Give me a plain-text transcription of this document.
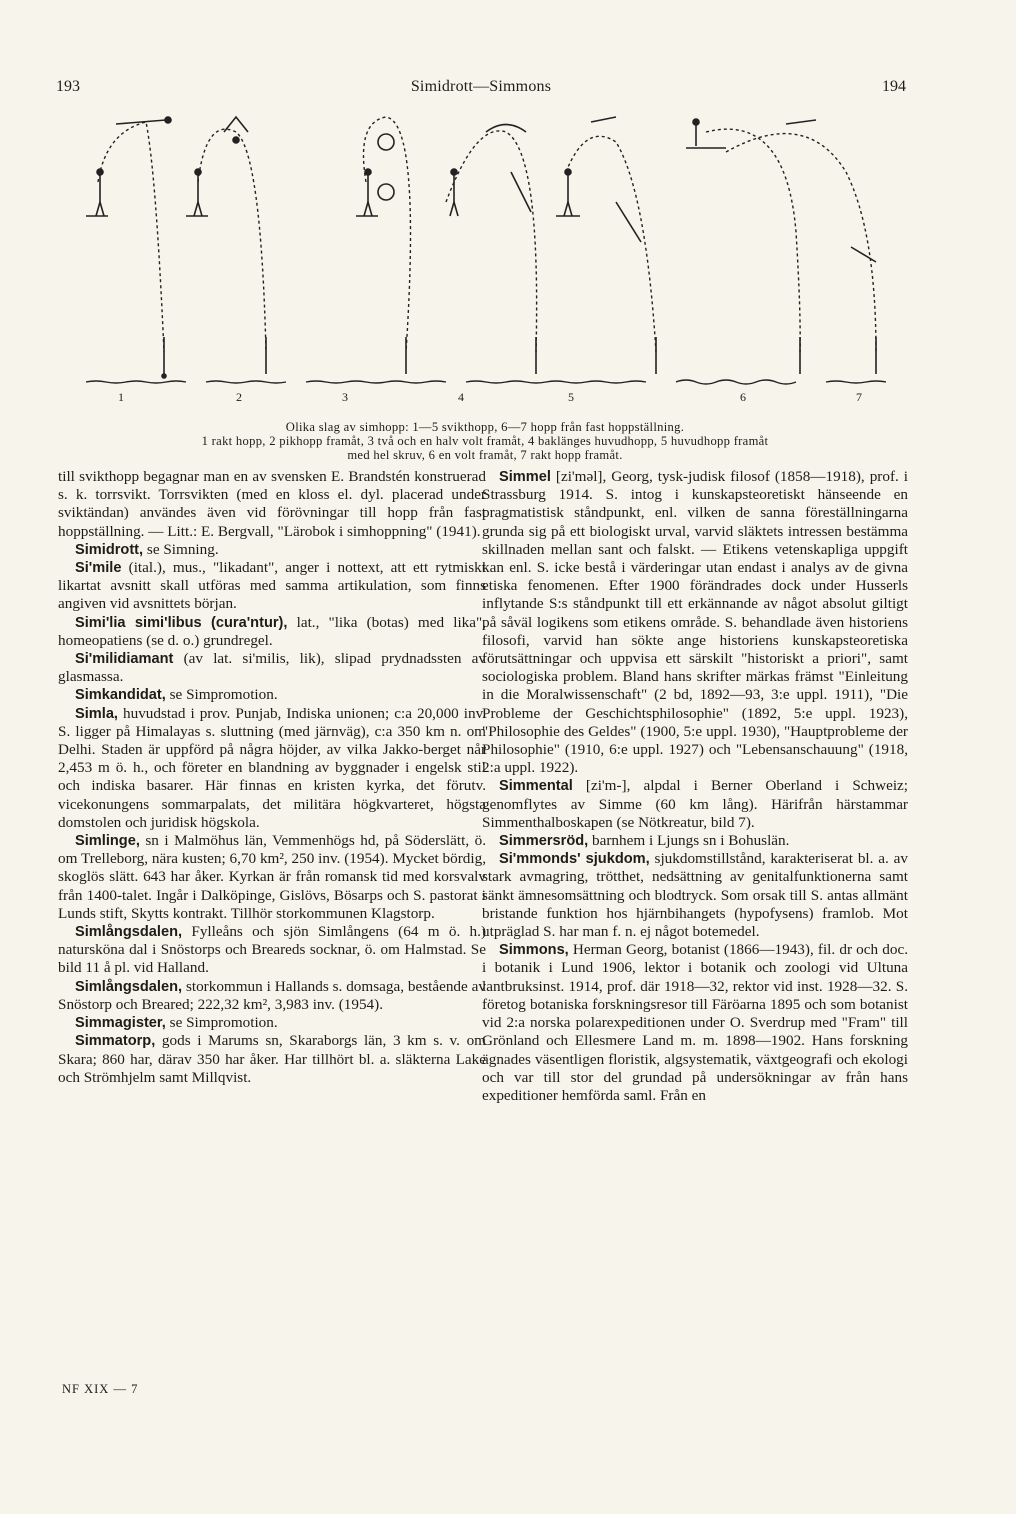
193	Simidrott—Simmons	194
1	2	3	4	5	6	7
Olika slag av simhopp: 1—5 svikthopp, 6—7 hopp från fast hoppställning.
1 rakt hopp, 2 pikhopp framåt, 3 två och en halv volt framåt, 4 baklänges huvudhopp, 5 huvudhopp framåt
med hel skruv, 6 en volt framåt, 7 rakt hopp framåt.

till svikthopp begagnar man en av svensken E. Brandstén konstruerad s. k. torrsvikt. Torrsvikten (med en kloss el. dyl. placerad under sviktändan) användes även vid förövningar till hopp från fast hoppställning. — Litt.: E. Bergvall, "Lärobok i simhoppning" (1941).

Simidrott, se Simning.

Si'mile (ital.), mus., "likadant", anger i nottext, att ett rytmiskt likartat avsnitt skall utföras med samma artikulation, som finns angiven vid avsnittets början.

Simi'lia simi'libus (cura'ntur), lat., "lika (botas) med lika", homeopatiens (se d. o.) grundregel.

Si'milidiamant (av lat. si'milis, lik), slipad prydnadssten av glasmassa.

Simkandidat, se Simpromotion.

Simla, huvudstad i prov. Punjab, Indiska unionen; c:a 20,000 inv. S. ligger på Himalayas s. sluttning (med järnväg), c:a 350 km n. om Delhi. Staden är uppförd på några höjder, av vilka Jakko-berget når 2,453 m ö. h., och företer en blandning av byggnader i engelsk stil och indiska basarer. Här finnas en kristen kyrka, det förutv. vicekonungens sommarpalats, det militära högkvarteret, högsta domstolen och juridisk högskola.

Simlinge, sn i Malmöhus län, Vemmenhögs hd, på Söderslätt, ö. om Trelleborg, nära kusten; 6,70 km², 250 inv. (1954). Mycket bördig, skoglös slätt. 643 har åker. Kyrkan är från romansk tid med korsvalv från 1400-talet. Ingår i Dalköpinge, Gislövs, Bösarps och S. pastorat i Lunds stift, Skytts kontrakt. Tillhör storkommunen Klagstorp.

Simlångsdalen, Fylleåns och sjön Simlångens (64 m ö. h.) natursköna dal i Snöstorps och Breareds socknar, ö. om Halmstad. Se bild 11 å pl. vid Halland.

Simlångsdalen, storkommun i Hallands s. domsaga, bestående av Snöstorp och Breared; 222,32 km², 3,983 inv. (1954).

Simmagister, se Simpromotion.

Simmatorp, gods i Marums sn, Skaraborgs län, 3 km s. v. om Skara; 860 har, därav 350 har åker. Har tillhört bl. a. släkterna Lake och Strömhjelm samt Millqvist.

Simmel [zi'məl], Georg, tysk-judisk filosof (1858—1918), prof. i Strassburg 1914. S. intog i kunskapsteoretiskt hänseende en pragmatistisk ståndpunkt, enl. vilken de sanna föreställningarna grunda sig på ett biologiskt urval, varvid släktets intressen bestämma skillnaden mellan sant och falskt. — Etikens vetenskapliga uppgift kan enl. S. icke bestå i värderingar utan endast i analys av de givna etiska fenomenen. Efter 1900 förändrades dock under Husserls inflytande S:s ståndpunkt till ett erkännande av något absolut giltigt på såväl logikens som etikens område. S. behandlade även historiens filosofi, varvid han sökte ange historiens kunskapsteoretiska förutsättningar och uppvisa ett särskilt "historiskt a priori", samt sociologiska problem. Bland hans skrifter märkas främst "Einleitung in die Moralwissenschaft" (2 bd, 1892—93, 3:e uppl. 1911), "Die Probleme der Geschichtsphilosophie" (1892, 5:e uppl. 1923), "Philosophie des Geldes" (1900, 5:e uppl. 1930), "Hauptprobleme der Philosophie" (1910, 6:e uppl. 1927) och "Lebensanschauung" (1918, 2:a uppl. 1922).

Simmental [zi'm-], alpdal i Berner Oberland i Schweiz; genomflytes av Simme (60 km lång). Härifrån härstammar Simmenthalboskapen (se Nötkreatur, bild 7).

Simmersröd, barnhem i Ljungs sn i Bohuslän.

Si'mmonds' sjukdom, sjukdomstillstånd, karakteriserat bl. a. av stark avmagring, trötthet, nedsättning av genitalfunktionerna samt sänkt ämnesomsättning och blodtryck. Som orsak till S. antas allmänt bristande funktion hos hjärnbihangets (hypofysens) framlob. Mot utpräglad S. har man f. n. ej något botemedel.

Simmons, Herman Georg, botanist (1866—1943), fil. dr och doc. i botanik i Lund 1906, lektor i botanik och zoologi vid Ultuna lantbruksinst. 1914, prof. där 1918—32, rektor vid inst. 1928—32. S. företog botaniska forskningsresor till Färöarna 1895 och som botanist vid 2:a norska polarexpeditionen under O. Sverdrup med "Fram" till Grönland och Ellesmere Land m. m. 1898—1902. Hans forskning ägnades väsentligen floristik, algsystematik, växtgeografi och ekologi och var till stor del grundad på undersökningar av från hans expeditioner hemförda saml. Från en

NF XIX — 7
